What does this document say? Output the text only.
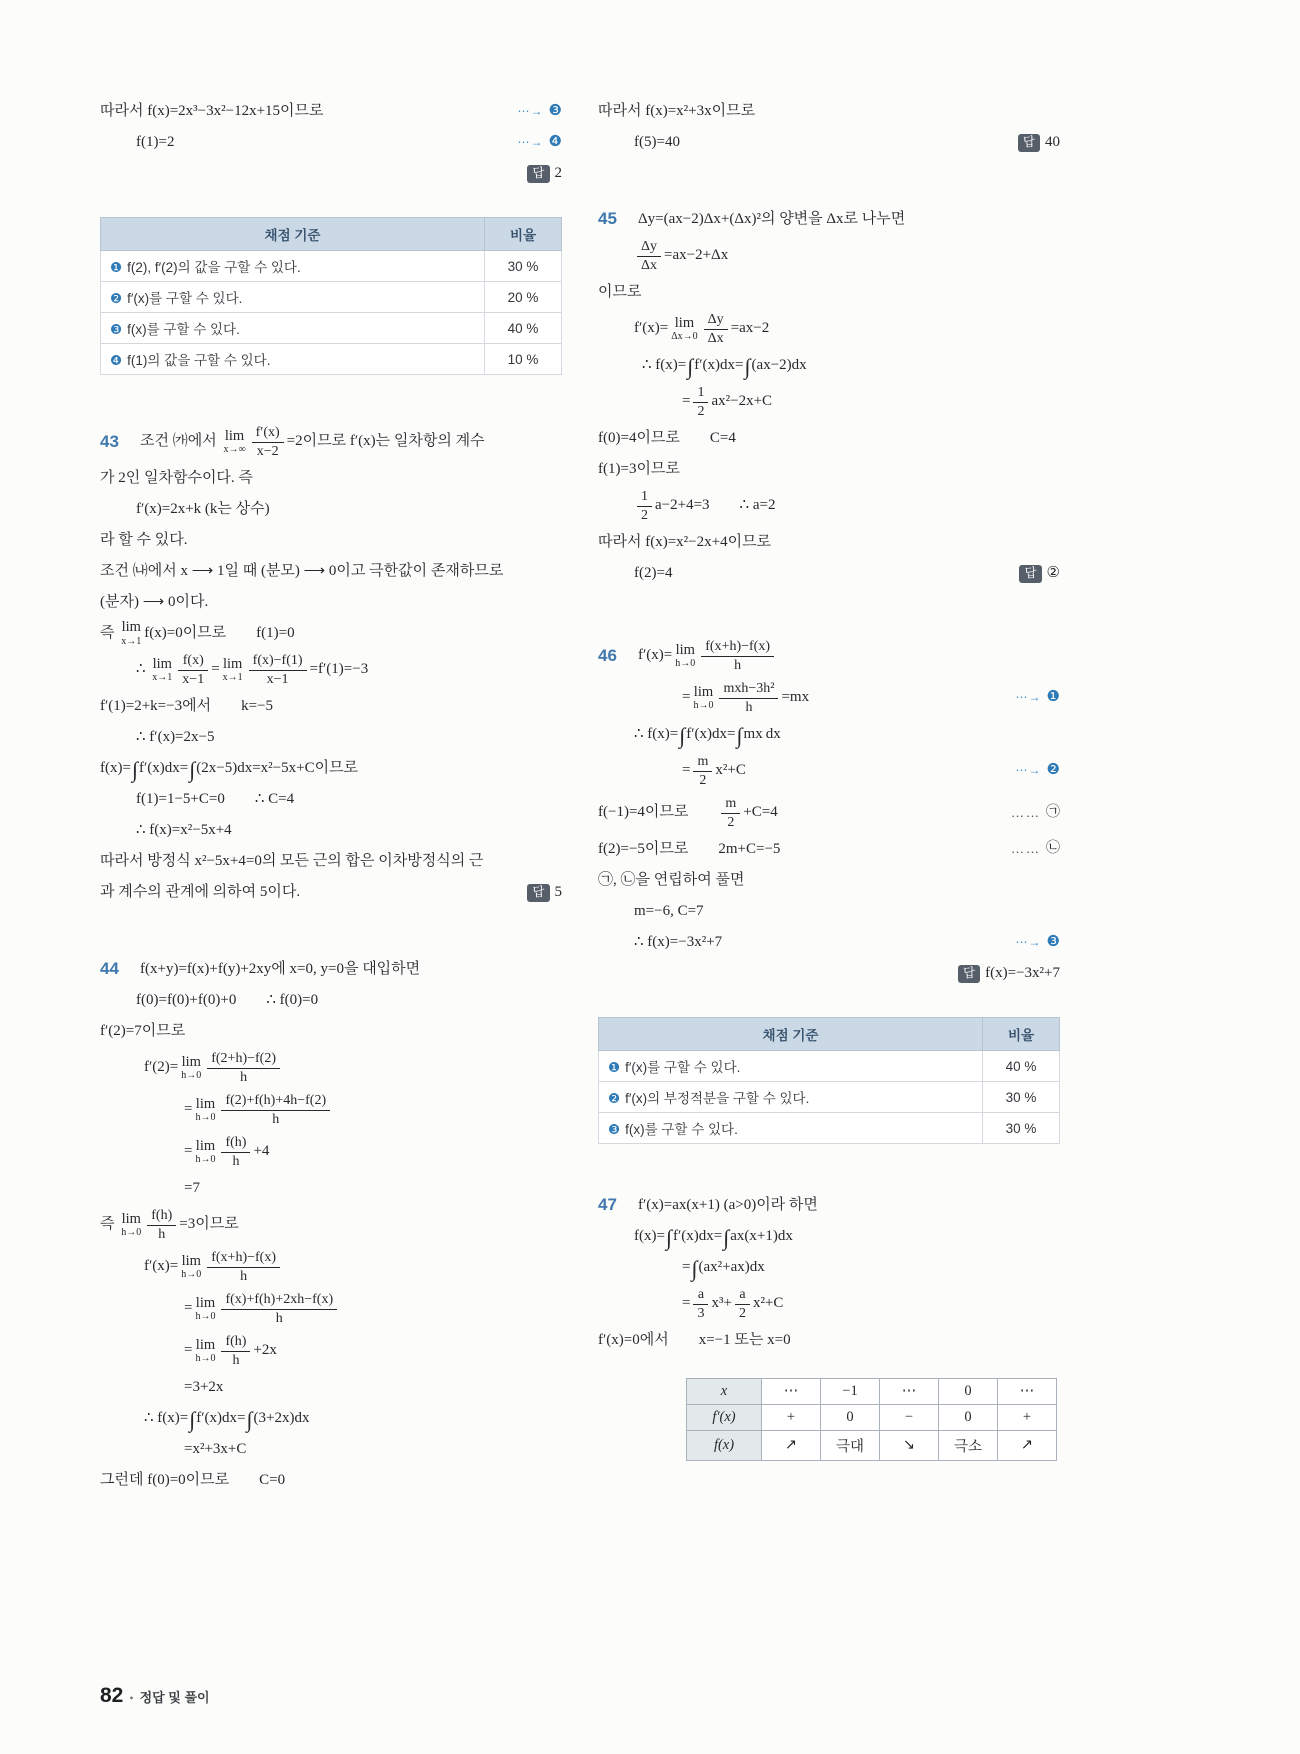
따라서 f(x)=2x³−3x²−12x+15이므로	⋯→ ❸
f(1)=2	⋯→ ❹
답 2
채점 기준	비율
❶ f(2), f′(2)의 값을 구할 수 있다.	30 %
❷ f′(x)를 구할 수 있다.	20 %
❸ f(x)를 구할 수 있다.	40 %
❹ f(1)의 값을 구할 수 있다.	10 %
43	조건 ㈎에서 lim
$x\to\infty \frac{f'(x)}{x-2} =2$이므로 f′(x)는 일차항의 계수
가 2인 일차함수이다. 즉
f′(x)=2x+k (k는 상수)
라 할 수 있다.
조건 ㈏에서 x ⟶ 1일 때 (분모) ⟶ 0이고 극한값이 존재하므로
(분자) ⟶ 0이다.
즉 lim
x→1
f(x)=0이므로  f(1)=0
∴ lim
$x\to 1 \frac{f(x)}{x-1} = \lim$
$x\to 1 \frac{f(x)-f(1)}{x-1} =f'(1)=-3$
f′(1)=2+k=−3에서  k=−5
∴ f′(x)=2x−5
f(x)= ∫ f′(x)dx= ∫ (2x−5)dx=x²−5x+C이므로
f(1)=1−5+C=0  ∴ C=4
∴ f(x)=x²−5x+4
따라서 방정식 x²−5x+4=0의 모든 근의 합은 이차방정식의 근
과 계수의 관계에 의하여 5이다.	답 5
44	f(x+y)=f(x)+f(y)+2xy에 x=0, y=0을 대입하면
f(0)=f(0)+f(0)+0  ∴ f(0)=0
f′(2)=7이므로
f′(2)= lim
$h\to 0 \frac{f(2+h)-f(2)}{h}$
= lim
$h\to 0 \frac{f(2)+f(h)+4h-f(2)}{h}$
= lim
$h\to 0 \frac{f(h)}{h} +4$
=7
즉 lim
$h\to 0 \frac{f(h)}{h} =3$이므로
f′(x)= lim
$h\to 0 \frac{f(x+h)-f(x)}{h}$
= lim
$h\to 0 \frac{f(x)+f(h)+2xh-f(x)}{h}$
= lim
$h\to 0 \frac{f(h)}{h} +2x$
=3+2x
∴ f(x)= ∫ f′(x)dx= ∫ (3+2x)dx
=x²+3x+C
그런데 f(0)=0이므로  C=0
따라서 f(x)=x²+3x이므로
f(5)=40	답 40
45	Δy=(ax−2)Δx+(Δx)²의 양변을 Δx로 나누면
$\frac{\Delta y}{\Delta x} =ax-2+\Delta x$
이므로
f′(x)= lim
$\Delta x\to 0 \frac{\Delta y}{\Delta x} =ax-2$
∴ f(x)= ∫ f′(x)dx= ∫ (ax−2)dx
= $\frac{1}{2} ax^2-2x+C$
f(0)=4이므로  C=4
f(1)=3이므로
$\frac{1}{2} a-2+4=3$  ∴ a=2
따라서 f(x)=x²−2x+4이므로
f(2)=4	답 ②
46	f′(x)= lim
$h\to 0 \frac{f(x+h)-f(x)}{h}$
= lim
$h\to 0 \frac{\text{mxh−3h²}}{h} =mx$	⋯→ ❶
∴ f(x)= ∫ f′(x)dx= ∫ mx dx
= $\frac{m}{2} x^2+C$	⋯→ ❷
f(−1)=4이므로   $\frac{m}{2} +C=4$	…… ㉠
f(2)=−5이므로  2m+C=−5	…… ㉡
㉠, ㉡을 연립하여 풀면
m=−6, C=7
∴ f(x)=−3x²+7	⋯→ ❸
답 f(x)=−3x²+7
채점 기준	비율
❶ f′(x)를 구할 수 있다.	40 %
❷ f′(x)의 부정적분을 구할 수 있다.	30 %
❸ f(x)를 구할 수 있다.	30 %
47	f′(x)=ax(x+1) (a>0)이라 하면
f(x)= ∫ f′(x)dx= ∫ ax(x+1)dx
= ∫ (ax²+ax)dx
= $\frac{a}{3} x^3+ \frac{a}{2} x^2+C$
f′(x)=0에서  x=−1 또는 x=0
x	⋯	−1	⋯	0	⋯
f′(x)	+	0	−	0	+
f(x)	↗	극대	↘	극소	↗
82 • 정답 및 풀이
